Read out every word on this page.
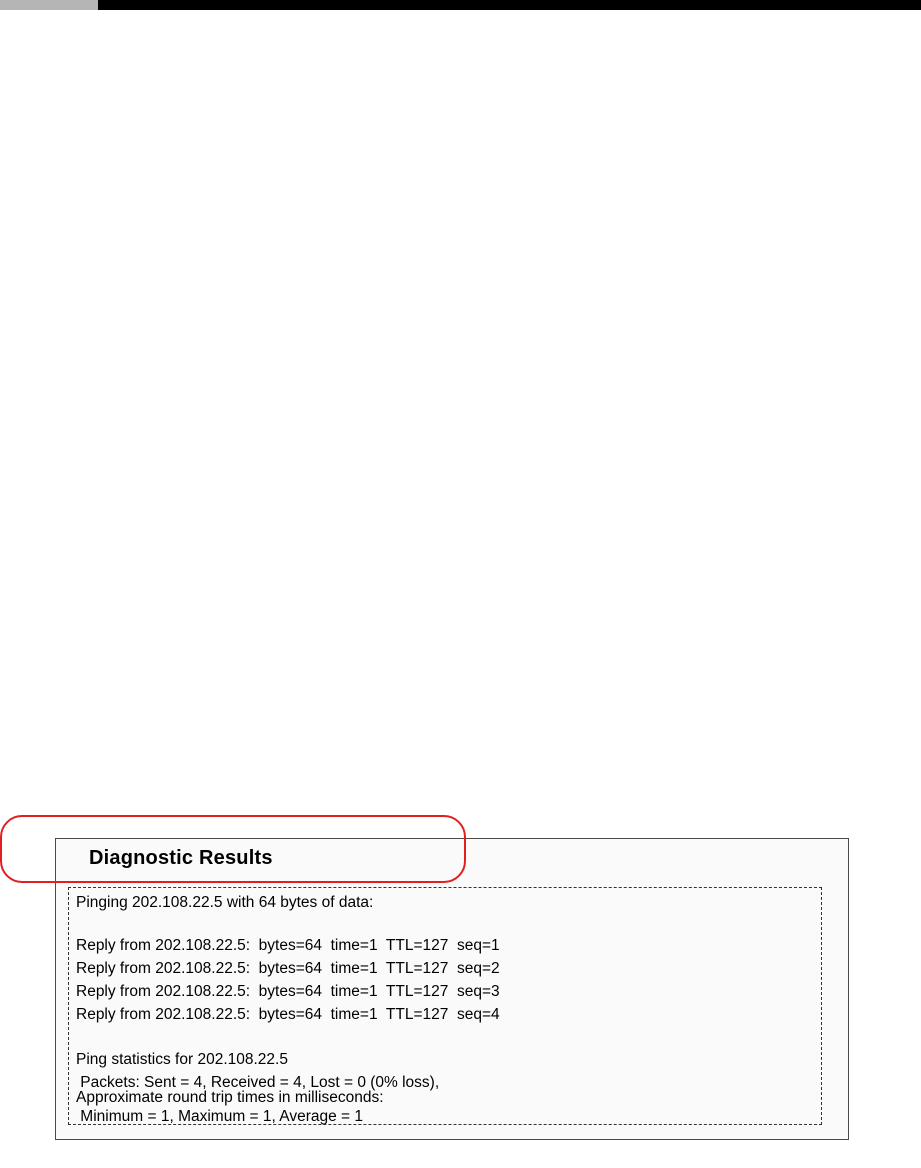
Diagnostic Results
Pinging 202.108.22.5 with 64 bytes of data:
Reply from 202.108.22.5:  bytes=64  time=1  TTL=127  seq=1
Reply from 202.108.22.5:  bytes=64  time=1  TTL=127  seq=2
Reply from 202.108.22.5:  bytes=64  time=1  TTL=127  seq=3
Reply from 202.108.22.5:  bytes=64  time=1  TTL=127  seq=4
Ping statistics for 202.108.22.5
Packets: Sent = 4, Received = 4, Lost = 0 (0% loss),
Approximate round trip times in milliseconds:
Minimum = 1, Maximum = 1, Average = 1
